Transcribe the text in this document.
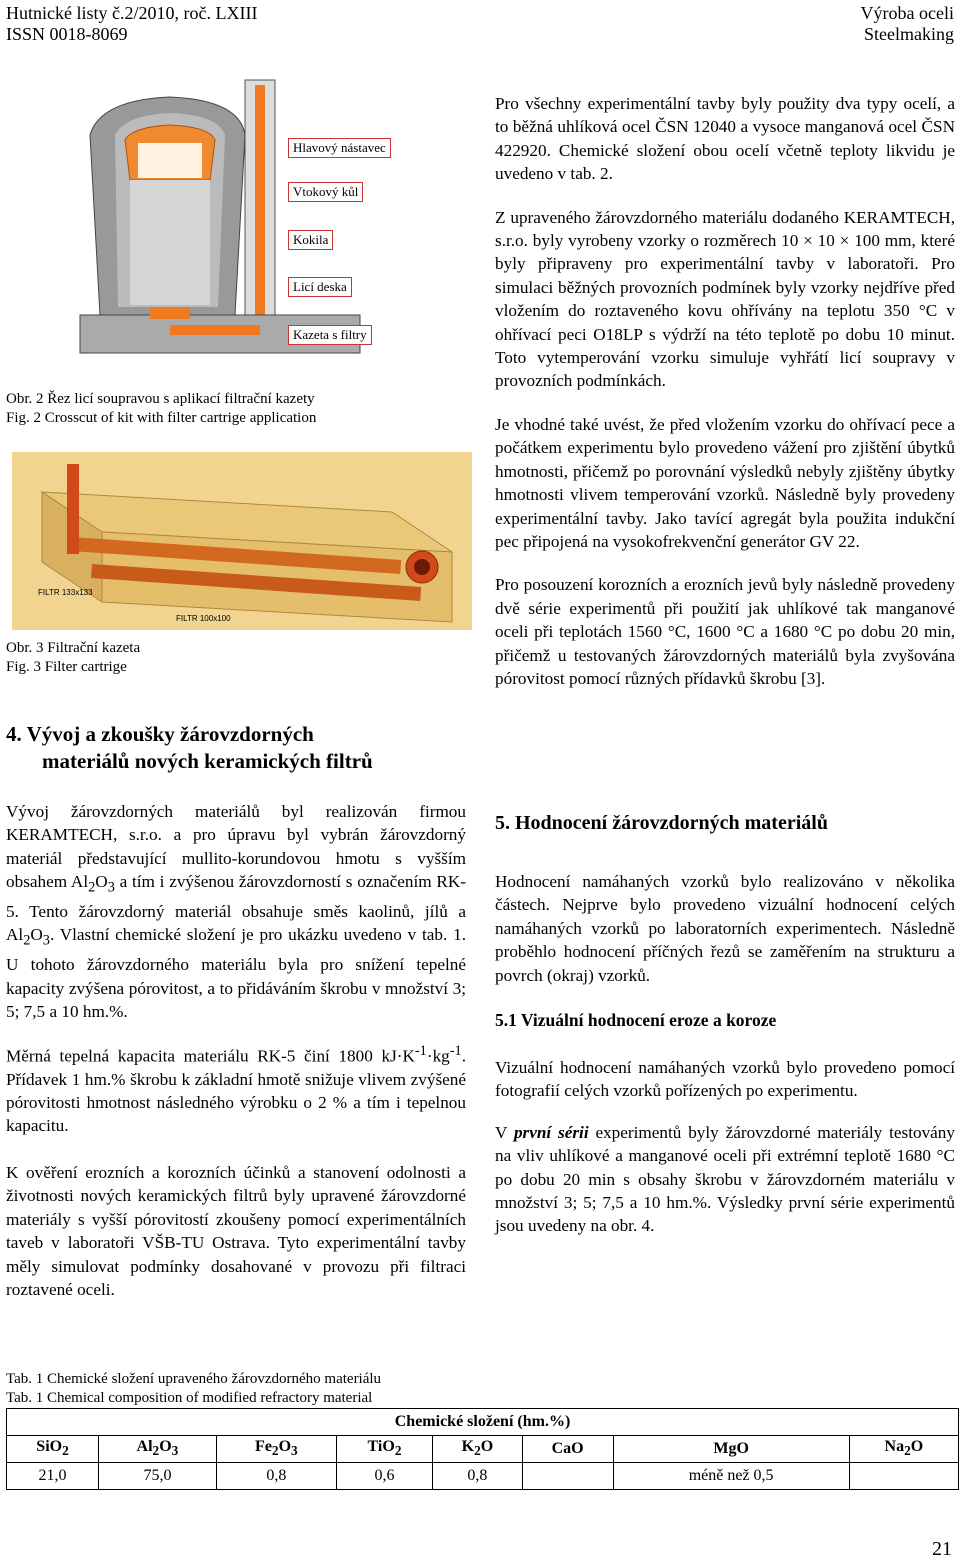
Hutnické listy č.2/2010, roč. LXIII
ISSN 0018-8069
Výroba oceli
Steelmaking
Hlavový nástavec
Vtokový kůl
Kokila
Licí deska
Kazeta s filtry
Obr. 2 Řez licí soupravou s aplikací filtrační kazety
Fig. 2 Crosscut of kit with filter cartrige application
FILTR 133x133
FILTR 100x100
Obr. 3 Filtrační kazeta
Fig. 3 Filter cartrige
4. Vývoj a zkoušky žárovzdorných
materiálů nových keramických filtrů

Vývoj žárovzdorných materiálů byl realizován firmou KERAMTECH, s.r.o. a pro úpravu byl vybrán žárovzdorný materiál představující mullito-korundovou hmotu s vyšším obsahem $Al_2O_3$ a tím i zvýšenou žárovzdorností s označením RK-5. Tento žárovzdorný materiál obsahuje směs kaolinů, jílů a $Al_2O_3$. Vlastní chemické složení je pro ukázku uvedeno v tab. 1. U tohoto žárovzdorného materiálu byla pro snížení tepelné kapacity zvýšena pórovitost, a to přidáváním škrobu v množství 3; 5; 7,5 a 10 hm.%.

Měrná tepelná kapacita materiálu RK-5 činí 1800 $kJ\cdot K^{-1}\cdot kg^{-1}$. Přídavek 1 hm.% škrobu k základní hmotě snižuje vlivem zvýšené pórovitosti hmotnost následného výrobku o 2 % a tím i tepelnou kapacitu.

K ověření erozních a korozních účinků a stanovení odolnosti a životnosti nových keramických filtrů byly upravené žárovzdorné materiály s vyšší pórovitostí zkoušeny pomocí experimentálních taveb v laboratoři VŠB-TU Ostrava. Tyto experimentální tavby měly simulovat podmínky dosahované v provozu při filtraci roztavené oceli.

Pro všechny experimentální tavby byly použity dva typy ocelí, a to běžná uhlíková ocel ČSN 12040 a vysoce manganová ocel ČSN 422920. Chemické složení obou ocelí včetně teploty likvidu je uvedeno v tab. 2.

Z upraveného žárovzdorného materiálu dodaného KERAMTECH, s.r.o. byly vyrobeny vzorky o rozměrech 10 × 10 × 100 mm, které byly připraveny pro experimentální tavby v laboratoři. Pro simulaci běžných provozních podmínek byly vzorky nejdříve před vložením do roztaveného kovu ohřívány na teplotu 350 °C v ohřívací peci O18LP s výdrží na této teplotě po dobu 10 minut. Toto vytemperování vzorku simuluje vyhřátí licí soupravy v provozních podmínkách.

Je vhodné také uvést, že před vložením vzorku do ohřívací pece a počátkem experimentu bylo provedeno vážení pro zjištění úbytků hmotnosti, přičemž po porovnání výsledků nebyly zjištěny úbytky hmotnosti vlivem temperování vzorků. Následně byly provedeny experimentální tavby. Jako tavící agregát byla použita indukční pec připojená na vysokofrekvenční generátor GV 22.

Pro posouzení korozních a erozních jevů byly následně provedeny dvě série experimentů při použití jak uhlíkové tak manganové oceli při teplotách 1560 °C, 1600 °C a 1680 °C po dobu 20 min, přičemž u testovaných žárovzdorných materiálů byla zvyšována pórovitost pomocí různých přídavků škrobu [3].

5. Hodnocení žárovzdorných materiálů

Hodnocení namáhaných vzorků bylo realizováno v několika částech. Nejprve bylo provedeno vizuální hodnocení celých namáhaných vzorků po laboratorních experimentech. Následně proběhlo hodnocení příčných řezů se zaměřením na strukturu a povrch (okraj) vzorků.

5.1 Vizuální hodnocení eroze a koroze

Vizuální hodnocení namáhaných vzorků bylo provedeno pomocí fotografií celých vzorků pořízených po experimentu.

V první sérii experimentů byly žárovzdorné materiály testovány na vliv uhlíkové a manganové oceli při extrémní teplotě 1680 °C po dobu 20 min s obsahy škrobu v žárovzdorném materiálu v množství 3; 5; 7,5 a 10 hm.%. Výsledky první série experimentů jsou uvedeny na obr. 4.

Tab. 1 Chemické složení upraveného žárovzdorného materiálu
Tab. 1 Chemical composition of modified refractory material
Chemické složení (hm.%)							
SiO$_2$	$Al_2O_3$	$Fe_2O_3$	TiO$_2$	$K_2O$	CaO	MgO	$Na_2O$
21,0	75,0	0,8	0,6	0,8		méně než 0,5	
21
